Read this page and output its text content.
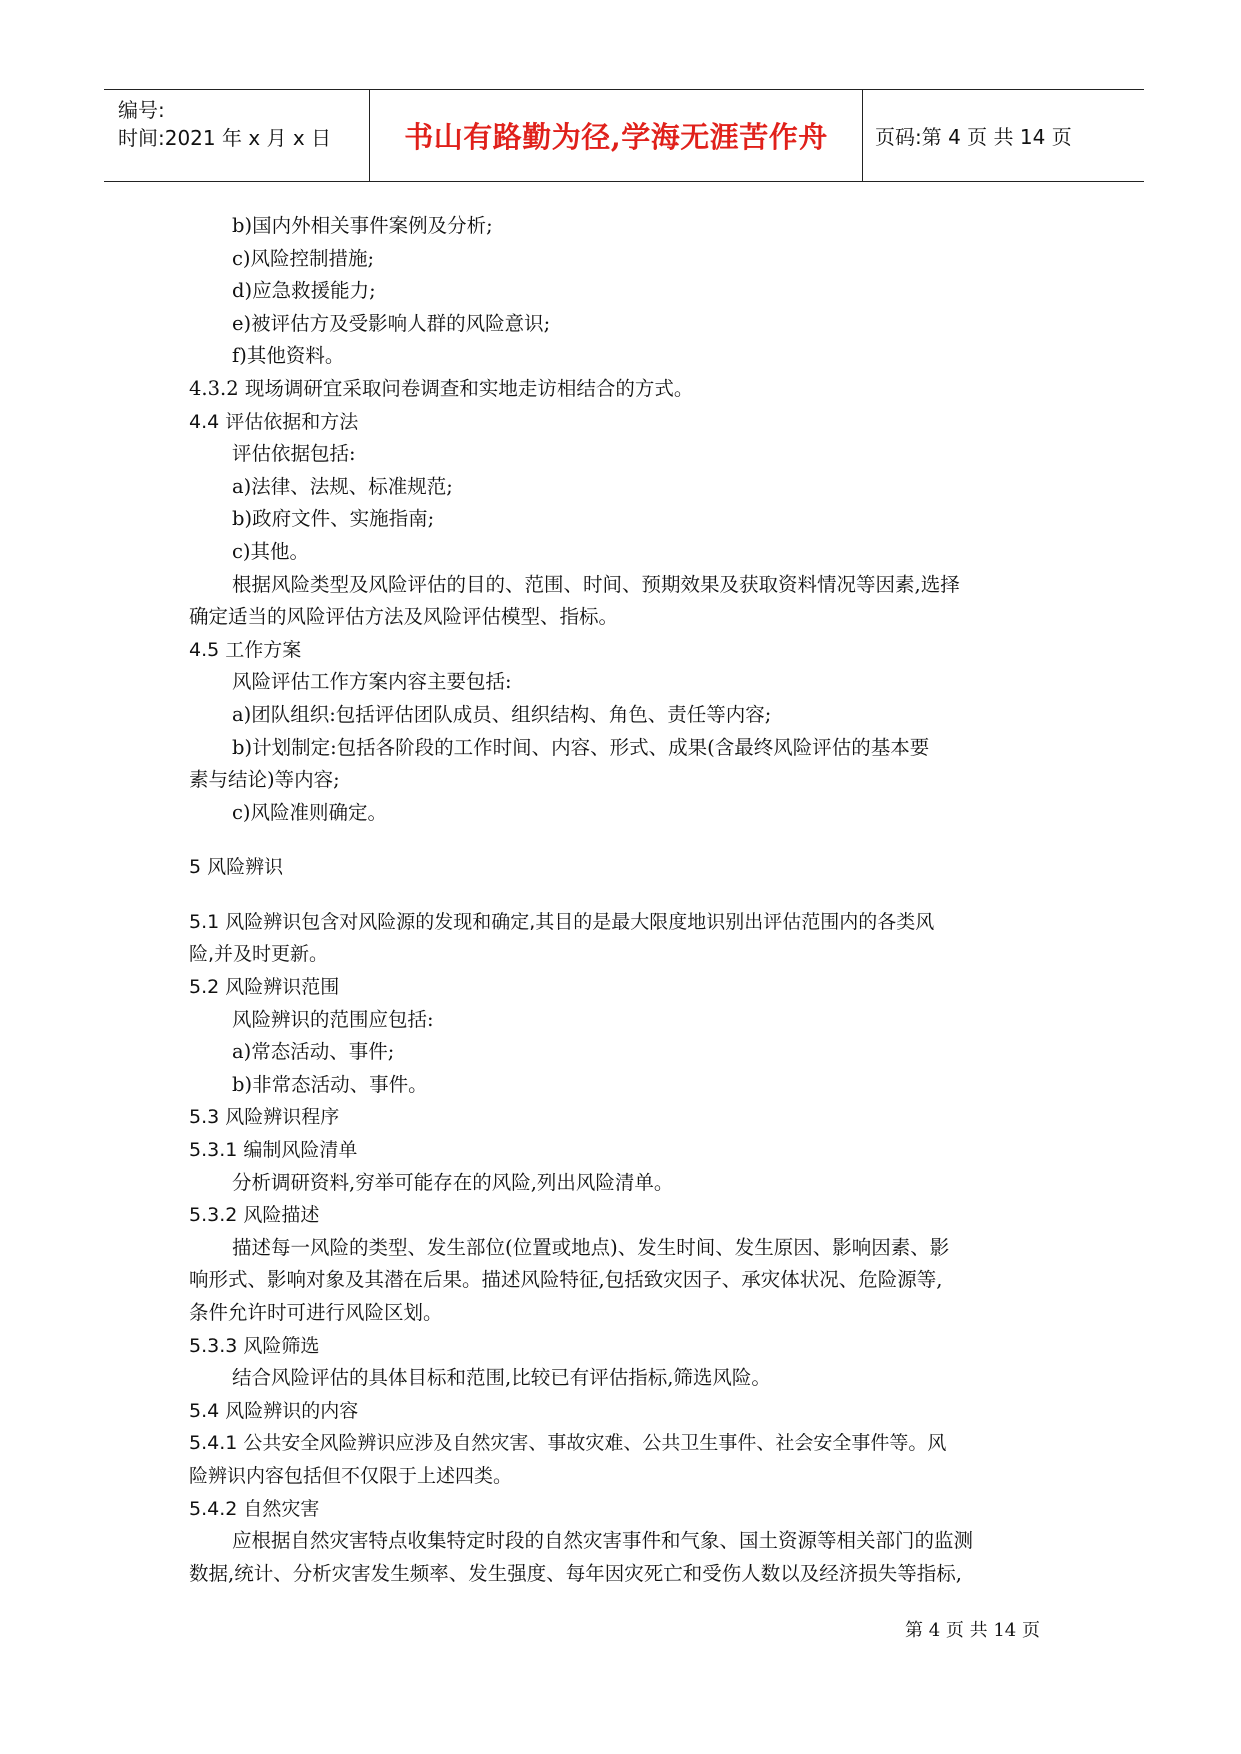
编号:
时间:2021 年 x 月 x 日	书山有路勤为径,学海无涯苦作舟	页码:第 4 页 共 14 页
b)国内外相关事件案例及分析;
c)风险控制措施;
d)应急救援能力;
e)被评估方及受影响人群的风险意识;
f)其他资料。
4.3.2 现场调研宜采取问卷调查和实地走访相结合的方式。
4.4 评估依据和方法
评估依据包括:
a)法律、法规、标准规范;
b)政府文件、实施指南;
c)其他。
根据风险类型及风险评估的目的、范围、时间、预期效果及获取资料情况等因素,选择
确定适当的风险评估方法及风险评估模型、指标。
4.5 工作方案
风险评估工作方案内容主要包括:
a)团队组织:包括评估团队成员、组织结构、角色、责任等内容;
b)计划制定:包括各阶段的工作时间、内容、形式、成果(含最终风险评估的基本要
素与结论)等内容;
c)风险准则确定。
5 风险辨识
5.1 风险辨识包含对风险源的发现和确定,其目的是最大限度地识别出评估范围内的各类风
险,并及时更新。
5.2 风险辨识范围
风险辨识的范围应包括:
a)常态活动、事件;
b)非常态活动、事件。
5.3 风险辨识程序
5.3.1 编制风险清单
分析调研资料,穷举可能存在的风险,列出风险清单。
5.3.2 风险描述
描述每一风险的类型、发生部位(位置或地点)、发生时间、发生原因、影响因素、影
响形式、影响对象及其潜在后果。描述风险特征,包括致灾因子、承灾体状况、危险源等,
条件允许时可进行风险区划。
5.3.3 风险筛选
结合风险评估的具体目标和范围,比较已有评估指标,筛选风险。
5.4 风险辨识的内容
5.4.1 公共安全风险辨识应涉及自然灾害、事故灾难、公共卫生事件、社会安全事件等。风
险辨识内容包括但不仅限于上述四类。
5.4.2 自然灾害
应根据自然灾害特点收集特定时段的自然灾害事件和气象、国土资源等相关部门的监测
数据,统计、分析灾害发生频率、发生强度、每年因灾死亡和受伤人数以及经济损失等指标,
第 4 页 共 14 页
